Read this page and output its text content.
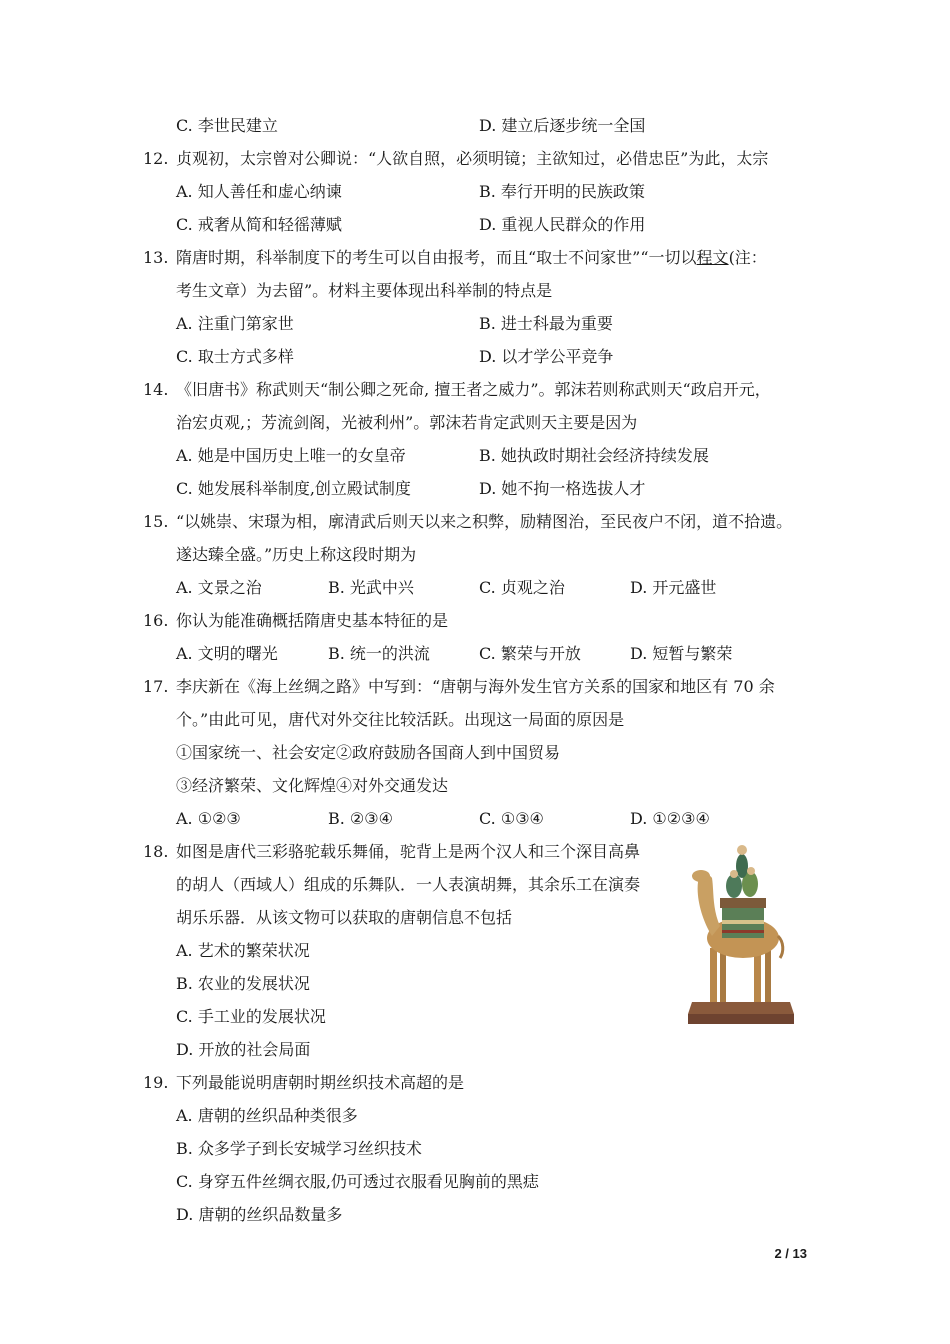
C. 李世民建立	D. 建立后逐步统一全国
12. 贞观初，太宗曾对公卿说：“人欲自照，必须明镜；主欲知过，必借忠臣”为此，太宗
A. 知人善任和虚心纳谏	B. 奉行开明的民族政策
C. 戒奢从简和轻徭薄赋	D. 重视人民群众的作用
13. 隋唐时期，科举制度下的考生可以自由报考，而且“取士不问家世”“一切以程文(注：
考生文章）为去留”。材料主要体现出科举制的特点是
A. 注重门第家世	B. 进士科最为重要
C. 取士方式多样	D. 以才学公平竞争
14. 《旧唐书》称武则天“制公卿之死命, 擅王者之威力”。郭沫若则称武则天“政启开元，
治宏贞观,；芳流剑阁，光被利州”。郭沫若肯定武则天主要是因为
A. 她是中国历史上唯一的女皇帝	B. 她执政时期社会经济持续发展
C. 她发展科举制度,创立殿试制度	D. 她不拘一格选拔人才
15. “以姚崇、宋璟为相，廓清武后则天以来之积弊，励精图治，至民夜户不闭，道不拾遗。
遂达臻全盛。”历史上称这段时期为
A. 文景之治	B. 光武中兴	C. 贞观之治	D. 开元盛世
16. 你认为能准确概括隋唐史基本特征的是
A. 文明的曙光	B. 统一的洪流	C. 繁荣与开放	D. 短暂与繁荣
17. 李庆新在《海上丝绸之路》中写到：“唐朝与海外发生官方关系的国家和地区有 70 余
个。”由此可见，唐代对外交往比较活跃。出现这一局面的原因是
①国家统一、社会安定②政府鼓励各国商人到中国贸易
③经济繁荣、文化辉煌④对外交通发达
A. ①②③	B. ②③④	C. ①③④	D. ①②③④
18. 如图是唐代三彩骆驼载乐舞俑，驼背上是两个汉人和三个深目高鼻
的胡人（西域人）组成的乐舞队．一人表演胡舞，其余乐工在演奏
胡乐乐器．从该文物可以获取的唐朝信息不包括
A. 艺术的繁荣状况
B. 农业的发展状况
C. 手工业的发展状况
D. 开放的社会局面
19. 下列最能说明唐朝时期丝织技术高超的是
A. 唐朝的丝织品种类很多
B. 众多学子到长安城学习丝织技术
C. 身穿五件丝绸衣服,仍可透过衣服看见胸前的黑痣
D. 唐朝的丝织品数量多
2 / 13
